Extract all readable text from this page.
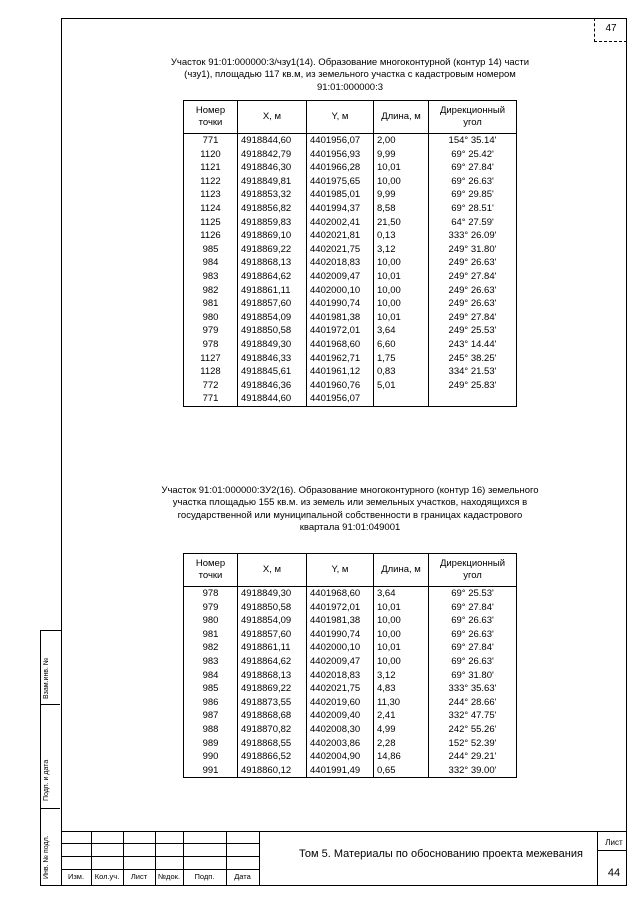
47
Взам.инв. №
Подп. и дата
Инв. № подл.
Участок 91:01:000000:3/чзу1(14). Образование многоконтурной (контур 14) части (чзу1), площадью 117 кв.м, из земельного участка с кадастровым номером 91:01:000000:3
Номер точки	X, м	Y, м	Длина, м	Дирекционный угол
771	4918844,60	4401956,07	2,00	154° 35.14'
1120	4918842,79	4401956,93	9,99	69° 25.42'
1121	4918846,30	4401966,28	10,01	69° 27.84'
1122	4918849,81	4401975,65	10,00	69° 26.63'
1123	4918853,32	4401985,01	9,99	69° 29.85'
1124	4918856,82	4401994,37	8,58	69° 28.51'
1125	4918859,83	4402002,41	21,50	64° 27.59'
1126	4918869,10	4402021,81	0,13	333° 26.09'
985	4918869,22	4402021,75	3,12	249° 31.80'
984	4918868,13	4402018,83	10,00	249° 26.63'
983	4918864,62	4402009,47	10,01	249° 27.84'
982	4918861,11	4402000,10	10,00	249° 26.63'
981	4918857,60	4401990,74	10,00	249° 26.63'
980	4918854,09	4401981,38	10,01	249° 27.84'
979	4918850,58	4401972,01	3,64	249° 25.53'
978	4918849,30	4401968,60	6,60	243° 14.44'
1127	4918846,33	4401962,71	1,75	245° 38.25'
1128	4918845,61	4401961,12	0,83	334° 21.53'
772	4918846,36	4401960,76	5,01	249° 25.83'
771	4918844,60	4401956,07		
Участок 91:01:000000:ЗУ2(16). Образование многоконтурного (контур 16) земельного участка площадью 155 кв.м. из земель или земельных участков, находящихся в государственной или муниципальной собственности в границах кадастрового квартала 91:01:049001
Номер точки	X, м	Y, м	Длина, м	Дирекционный угол
978	4918849,30	4401968,60	3,64	69° 25.53'
979	4918850,58	4401972,01	10,01	69° 27.84'
980	4918854,09	4401981,38	10,00	69° 26.63'
981	4918857,60	4401990,74	10,00	69° 26.63'
982	4918861,11	4402000,10	10,01	69° 27.84'
983	4918864,62	4402009,47	10,00	69° 26.63'
984	4918868,13	4402018,83	3,12	69° 31.80'
985	4918869,22	4402021,75	4,83	333° 35.63'
986	4918873,55	4402019,60	11,30	244° 28.66'
987	4918868,68	4402009,40	2,41	332° 47.75'
988	4918870,82	4402008,30	4,99	242° 55.26'
989	4918868,55	4402003,86	2,28	152° 52.39'
990	4918866,52	4402004,90	14,86	244° 29.21'
991	4918860,12	4401991,49	0,65	332° 39.00'
Изм.	Кол.уч.	Лист	№док.	Подп.	Дата
Том 5. Материалы по обоснованию проекта межевания
Лист
44
